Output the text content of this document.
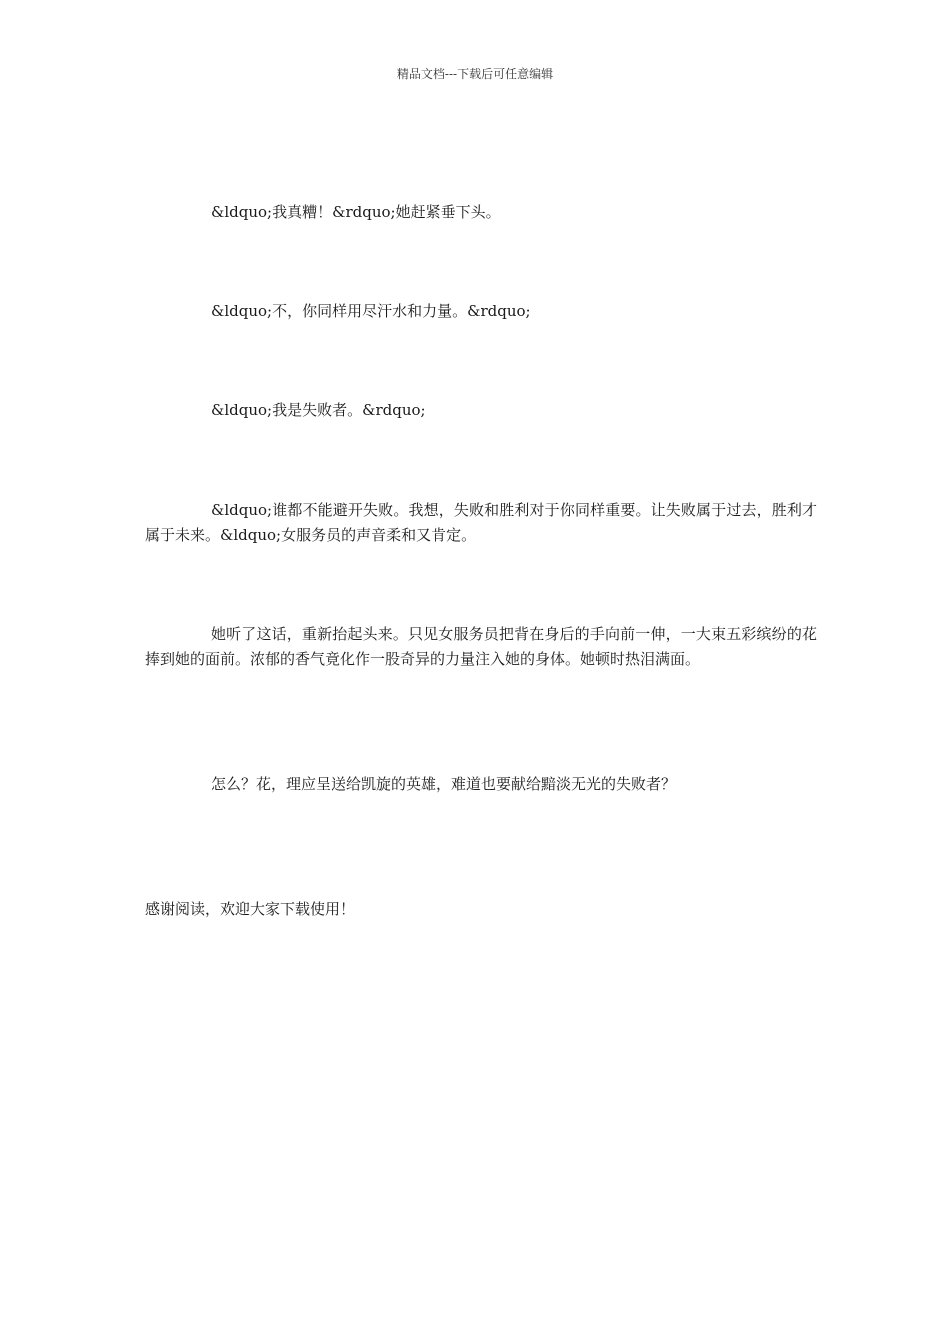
精品文档---下载后可任意编辑

&ldquo;我真糟！&rdquo;她赶紧垂下头。

&ldquo;不，你同样用尽汗水和力量。&rdquo;

&ldquo;我是失败者。&rdquo;

&ldquo;谁都不能避开失败。我想，失败和胜利对于你同样重要。让失败属于过去，胜利才属于未来。&ldquo;女服务员的声音柔和又肯定。

她听了这话，重新抬起头来。只见女服务员把背在身后的手向前一伸，一大束五彩缤纷的花捧到她的面前。浓郁的香气竟化作一股奇异的力量注入她的身体。她顿时热泪满面。

怎么？花，理应呈送给凯旋的英雄，难道也要献给黯淡无光的失败者？

感谢阅读，欢迎大家下载使用！
